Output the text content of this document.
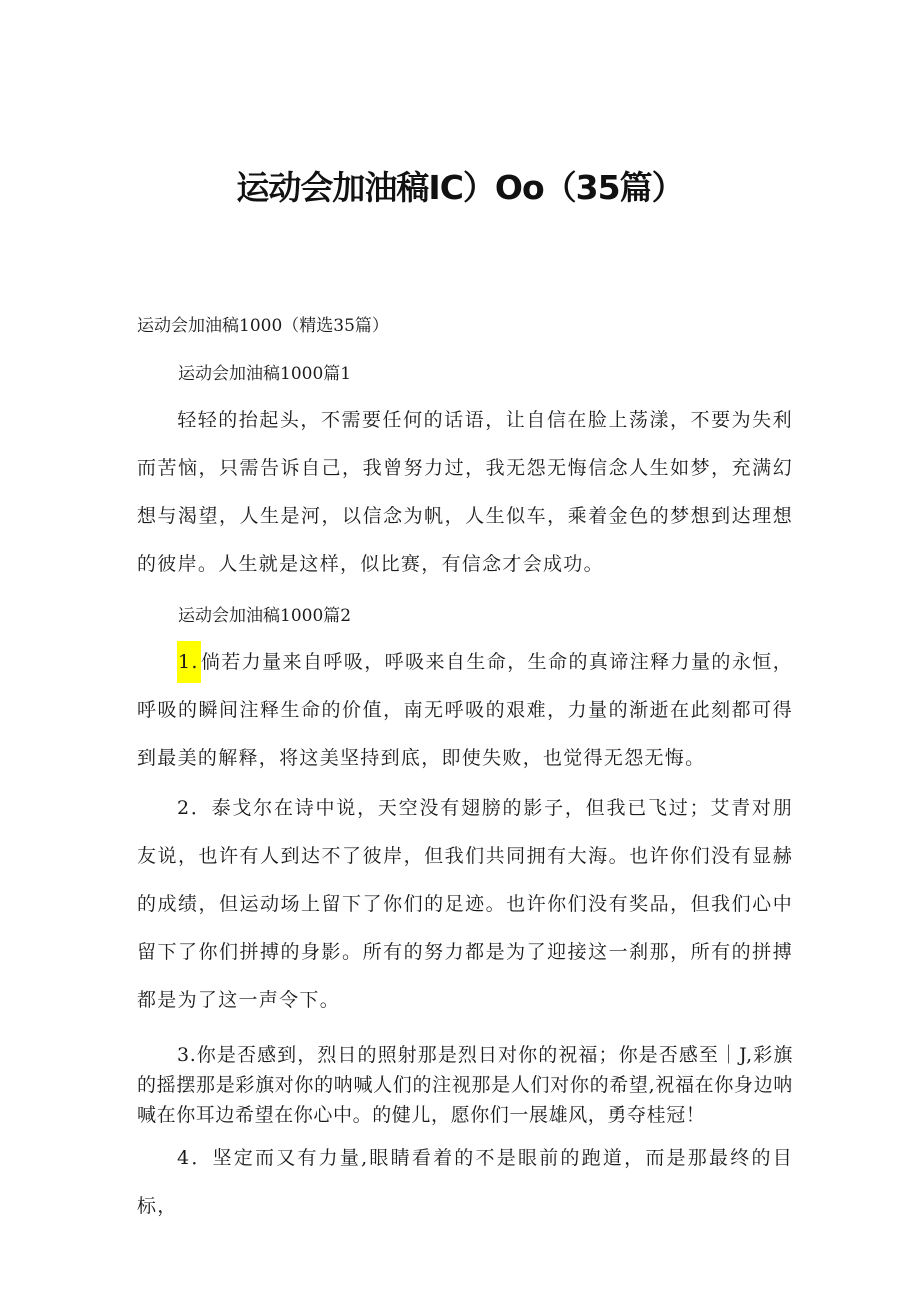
运动会加油稿IC）Oo（35篇）

运动会加油稿1000（精选35篇）

运动会加油稿1000篇1

轻轻的抬起头，不需要任何的话语，让自信在脸上荡漾，不要为失利而苦恼，只需告诉自己，我曾努力过，我无怨无悔信念人生如梦，充满幻想与渴望，人生是河，以信念为帆，人生似车，乘着金色的梦想到达理想的彼岸。人生就是这样，似比赛，有信念才会成功。

运动会加油稿1000篇2

1. 倘若力量来自呼吸，呼吸来自生命，生命的真谛注释力量的永恒，呼吸的瞬间注释生命的价值，南无呼吸的艰难，力量的渐逝在此刻都可得到最美的解释，将这美坚持到底，即使失败，也觉得无怨无悔。

2．泰戈尔在诗中说，天空没有翅膀的影子，但我已飞过；艾青对朋友说，也许有人到达不了彼岸，但我们共同拥有大海。也许你们没有显赫的成绩，但运动场上留下了你们的足迹。也许你们没有奖品，但我们心中留下了你们拼搏的身影。所有的努力都是为了迎接这一刹那，所有的拼搏都是为了这一声令下。

3.你是否感到，烈日的照射那是烈日对你的祝福；你是否感至｜J,彩旗的摇摆那是彩旗对你的呐喊人们的注视那是人们对你的希望,祝福在你身边呐喊在你耳边希望在你心中。的健儿，愿你们一展雄风，勇夺桂冠！

4．坚定而又有力量,眼睛看着的不是眼前的跑道，而是那最终的目标，
